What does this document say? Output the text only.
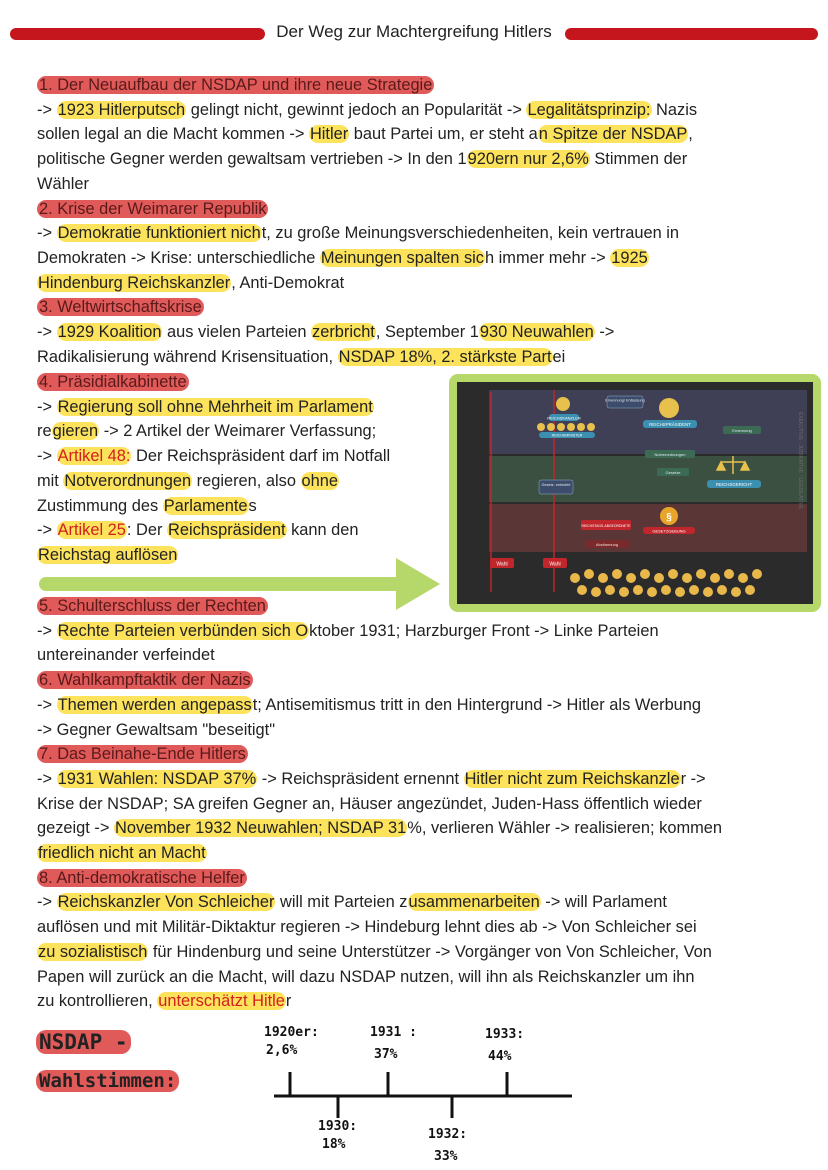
Der Weg zur Machtergreifung Hitlers

1. Der Neuaufbau der NSDAP und ihre neue Strategie

-> 1923 Hitlerputsch gelingt nicht, gewinnt jedoch an Popularität -> Legalitätsprinzip: Nazis

sollen legal an die Macht kommen -> Hitler baut Partei um, er steht an Spitze der NSDAP,

politische Gegner werden gewaltsam vertrieben -> In den 1920ern nur 2,6% Stimmen der

Wähler

2. Krise der Weimarer Republik

-> Demokratie funktioniert nicht, zu große Meinungsverschiedenheiten, kein vertrauen in

Demokraten -> Krise: unterschiedliche Meinungen spalten sich immer mehr -> 1925

Hindenburg Reichskanzler, Anti-Demokrat

3. Weltwirtschaftskrise

-> 1929 Koalition aus vielen Parteien zerbricht, September 1930 Neuwahlen ->

Radikalisierung während Krisensituation, NSDAP 18%, 2. stärkste Partei

4. Präsidialkabinette

-> Regierung soll ohne Mehrheit im Parlament

regieren -> 2 Artikel der Weimarer Verfassung;

-> Artikel 48: Der Reichspräsident darf im Notfall

mit Notverordnungen regieren, also ohne

Zustimmung des Parlamentes

-> Artikel 25: Der Reichspräsident kann den

Reichstag auflösen

REICHSKANZLER
REICHSMINISTER
REICHSPRÄSIDENT
Ernennung/ Entlassung
Ernennung
Notverordnungen
Gesetze
REICHSGERICHT
Gesetz- entwürfe
§
GESETZGEBUNG
REICHSTAGS-ABGEORDNETE
Abstimmung
Wahl	Wahl
EXEKUTIVE · JUDIKATIVE · LEGISLATIVE

5. Schulterschluss der Rechten

-> Rechte Parteien verbünden sich Oktober 1931; Harzburger Front -> Linke Parteien

untereinander verfeindet

6. Wahlkampftaktik der Nazis

-> Themen werden angepasst; Antisemitismus tritt in den Hintergrund -> Hitler als Werbung

-> Gegner Gewaltsam "beseitigt"

7. Das Beinahe-Ende Hitlers

-> 1931 Wahlen: NSDAP 37% -> Reichspräsident ernennt Hitler nicht zum Reichskanzler ->

Krise der NSDAP; SA greifen Gegner an, Häuser angezündet, Juden-Hass öffentlich wieder

gezeigt -> November 1932 Neuwahlen; NSDAP 31%, verlieren Wähler -> realisieren; kommen

friedlich nicht an Macht

8. Anti-demokratische Helfer

-> Reichskanzler Von Schleicher will mit Parteien zusammenarbeiten -> will Parlament

auflösen und mit Militär-Diktaktur regieren -> Hindeburg lehnt dies ab -> Von Schleicher sei

zu sozialistisch für Hindenburg und seine Unterstützer -> Vorgänger von Von Schleicher, Von

Papen will zurück an die Macht, will dazu NSDAP nutzen, will ihn als Reichskanzler um ihn

zu kontrollieren, unterschätzt Hitler

NSDAP -
Wahlstimmen:
1920er:
2,6%
1931 :
37%
1933:
44%
1930:
18%
1932:
33%
